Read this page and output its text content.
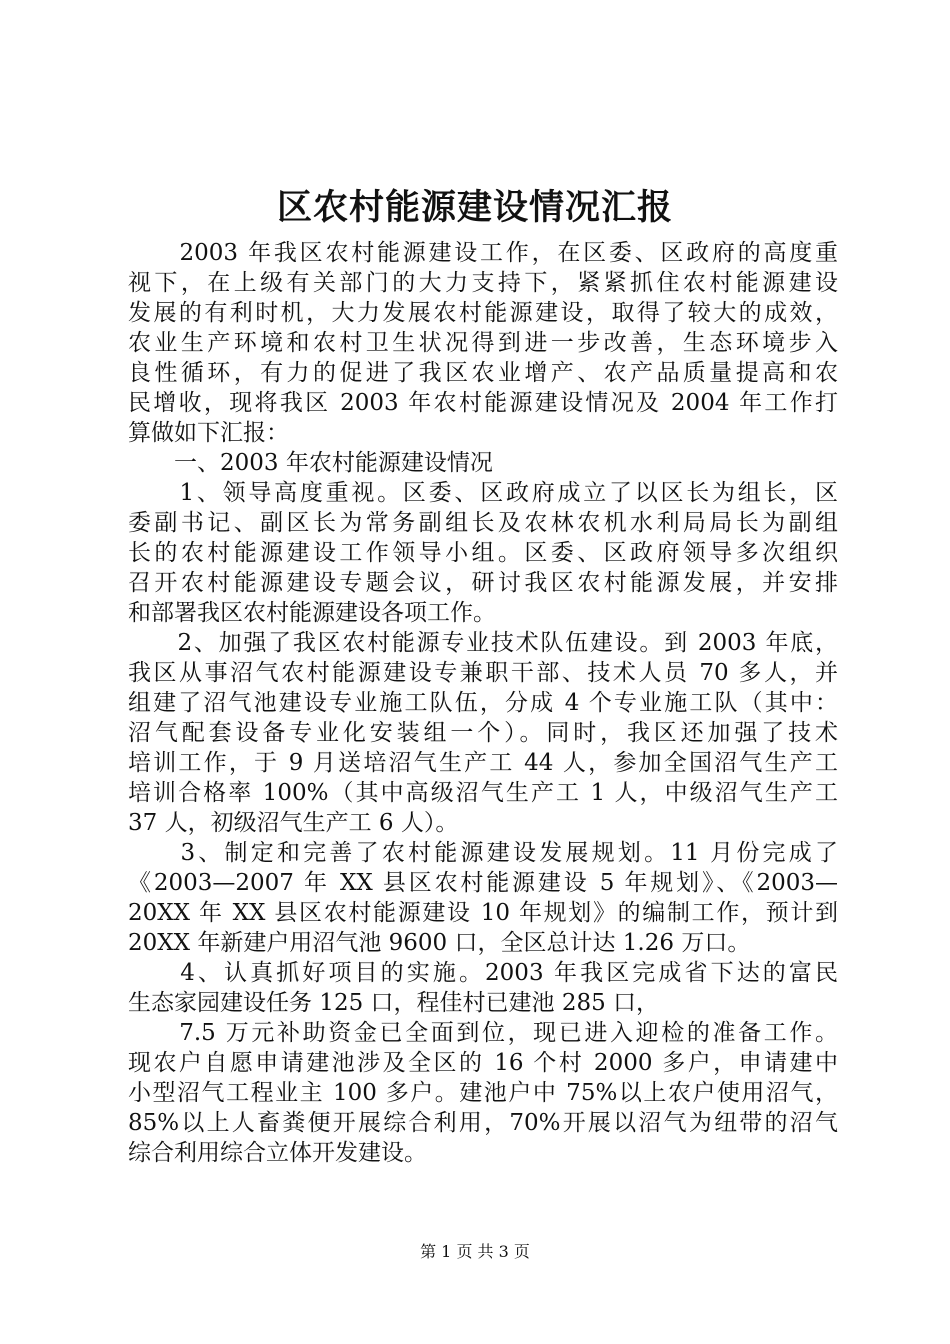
区农村能源建设情况汇报
　　2003 年我区农村能源建设工作，在区委、区政府的高度重
视下，在上级有关部门的大力支持下，紧紧抓住农村能源建设
发展的有利时机，大力发展农村能源建设，取得了较大的成效，
农业生产环境和农村卫生状况得到进一步改善，生态环境步入
良性循环，有力的促进了我区农业增产、农产品质量提高和农
民增收，现将我区 2003 年农村能源建设情况及 2004 年工作打
算做如下汇报：
　　一、2003 年农村能源建设情况
　　1、领导高度重视。区委、区政府成立了以区长为组长，区
委副书记、副区长为常务副组长及农林农机水利局局长为副组
长的农村能源建设工作领导小组。区委、区政府领导多次组织
召开农村能源建设专题会议，研讨我区农村能源发展，并安排
和部署我区农村能源建设各项工作。
　　2、加强了我区农村能源专业技术队伍建设。到 2003 年底，
我区从事沼气农村能源建设专兼职干部、技术人员 70 多人，并
组建了沼气池建设专业施工队伍，分成 4 个专业施工队（其中：
沼气配套设备专业化安装组一个）。同时，我区还加强了技术
培训工作，于 9 月送培沼气生产工 44 人，参加全国沼气生产工
培训合格率 100%（其中高级沼气生产工 1 人，中级沼气生产工
37 人，初级沼气生产工 6 人）。
　　3、制定和完善了农村能源建设发展规划。11 月份完成了
《2003—2007 年 XX 县区农村能源建设 5 年规划》、《2003—
20XX 年 XX 县区农村能源建设 10 年规划》的编制工作，预计到
20XX 年新建户用沼气池 9600 口，全区总计达 1.26 万口。
　　4、认真抓好项目的实施。2003 年我区完成省下达的富民
生态家园建设任务 125 口，程佳村已建池 285 口，
　　7.5 万元补助资金已全面到位，现已进入迎检的准备工作。
现农户自愿申请建池涉及全区的 16 个村 2000 多户，申请建中
小型沼气工程业主 100 多户。建池户中 75%以上农户使用沼气，
85%以上人畜粪便开展综合利用，70%开展以沼气为纽带的沼气
综合利用综合立体开发建设。
第 1 页 共 3 页
